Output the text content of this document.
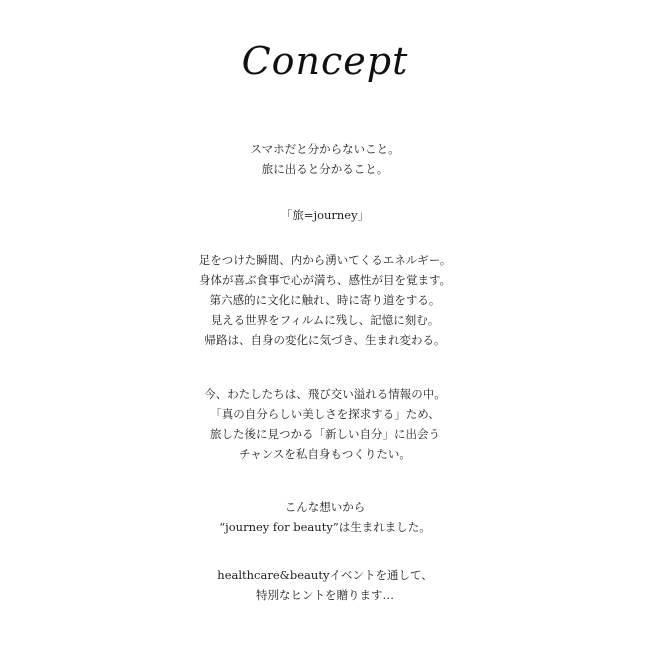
Concept
スマホだと分からないこと。
旅に出ると分かること。
「旅=journey」
足をつけた瞬間、内から湧いてくるエネルギー。
身体が喜ぶ食事で心が満ち、感性が目を覚ます。
第六感的に文化に触れ、時に寄り道をする。
見える世界をフィルムに残し、記憶に刻む。
帰路は、自身の変化に気づき、生まれ変わる。
今、わたしたちは、飛び交い溢れる情報の中。
「真の自分らしい美しさを探求する」ため、
旅した後に見つかる「新しい自分」に出会う
チャンスを私自身もつくりたい。
こんな想いから
“journey for beauty”は生まれました。
healthcare&beautyイベントを通して、
特別なヒントを贈ります…
